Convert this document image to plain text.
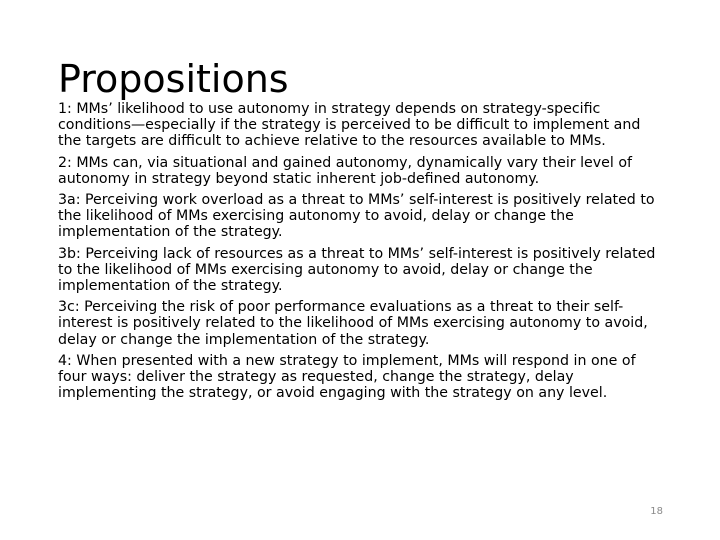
Propositions
1: MMs’ likelihood to use autonomy in strategy depends on strategy-specific conditions—especially if the strategy is perceived to be difficult to implement and the targets are difficult to achieve relative to the resources available to MMs.
2: MMs can, via situational and gained autonomy, dynamically vary their level of autonomy in strategy beyond static inherent job-defined autonomy.
3a: Perceiving work overload as a threat to MMs’ self-interest is positively related to the likelihood of MMs exercising autonomy to avoid, delay or change the implementation of the strategy.
3b: Perceiving lack of resources as a threat to MMs’ self-interest is positively related to the likelihood of MMs exercising autonomy to avoid, delay or change the implementation of the strategy.
3c: Perceiving the risk of poor performance evaluations as a threat to their self-interest is positively related to the likelihood of MMs exercising autonomy to avoid, delay or change the implementation of the strategy.
4: When presented with a new strategy to implement, MMs will respond in one of four ways: deliver the strategy as requested, change the strategy, delay implementing the strategy, or avoid engaging with the strategy on any level.
18
